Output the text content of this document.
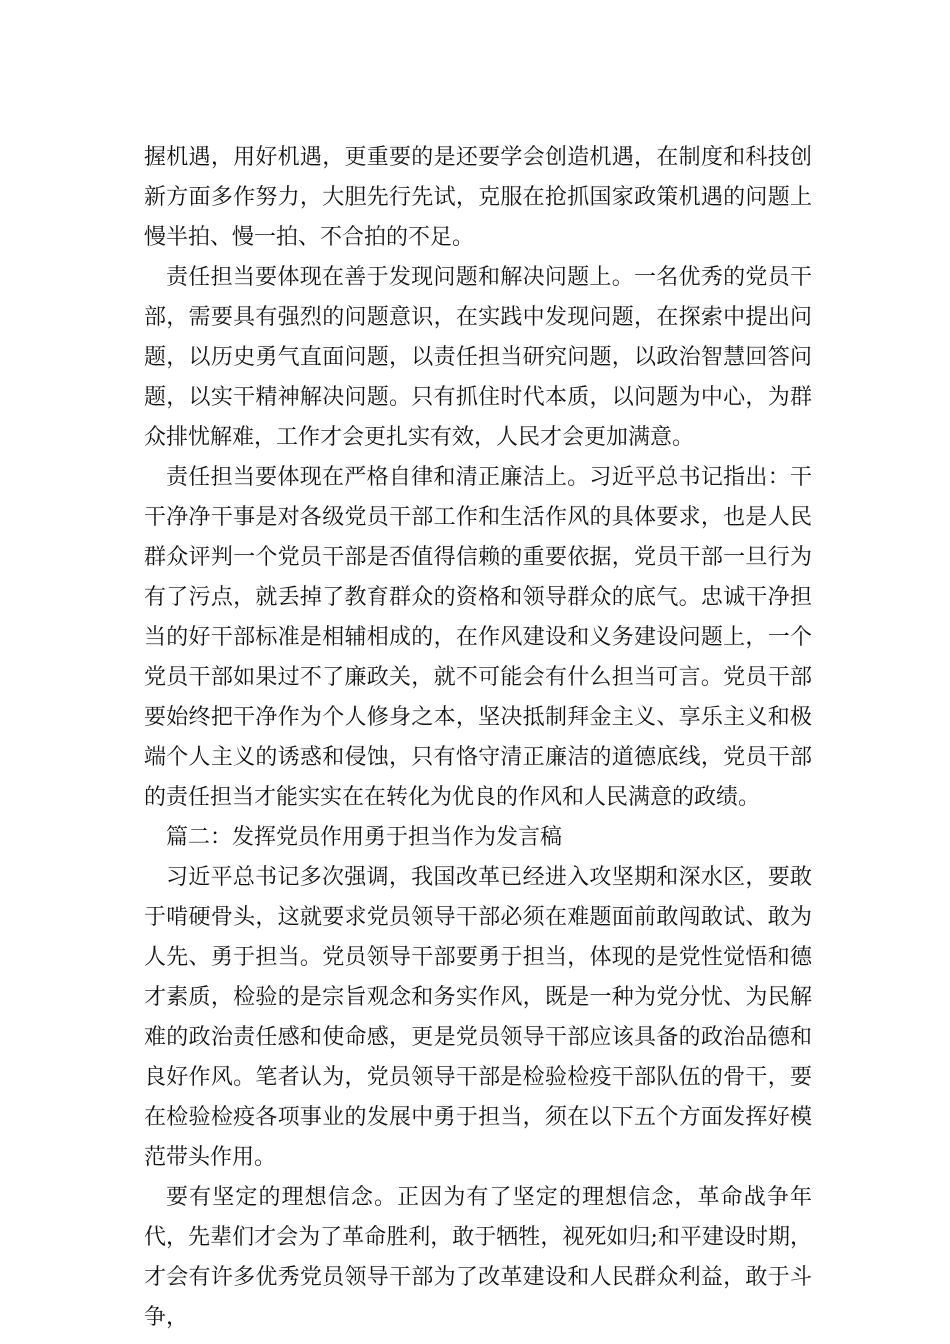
握机遇，用好机遇，更重要的是还要学会创造机遇，在制度和科技创新方面多作努力，大胆先行先试，克服在抢抓国家政策机遇的问题上慢半拍、慢一拍、不合拍的不足。

责任担当要体现在善于发现问题和解决问题上。一名优秀的党员干部，需要具有强烈的问题意识，在实践中发现问题，在探索中提出问题，以历史勇气直面问题，以责任担当研究问题，以政治智慧回答问题，以实干精神解决问题。只有抓住时代本质，以问题为中心，为群众排忧解难，工作才会更扎实有效，人民才会更加满意。

责任担当要体现在严格自律和清正廉洁上。习近平总书记指出：干干净净干事是对各级党员干部工作和生活作风的具体要求，也是人民群众评判一个党员干部是否值得信赖的重要依据，党员干部一旦行为有了污点，就丢掉了教育群众的资格和领导群众的底气。忠诚干净担当的好干部标准是相辅相成的，在作风建设和义务建设问题上，一个党员干部如果过不了廉政关，就不可能会有什么担当可言。党员干部要始终把干净作为个人修身之本，坚决抵制拜金主义、享乐主义和极端个人主义的诱惑和侵蚀，只有恪守清正廉洁的道德底线，党员干部的责任担当才能实实在在转化为优良的作风和人民满意的政绩。

篇二：发挥党员作用勇于担当作为发言稿

习近平总书记多次强调，我国改革已经进入攻坚期和深水区，要敢于啃硬骨头，这就要求党员领导干部必须在难题面前敢闯敢试、敢为人先、勇于担当。党员领导干部要勇于担当，体现的是党性觉悟和德才素质，检验的是宗旨观念和务实作风，既是一种为党分忧、为民解难的政治责任感和使命感，更是党员领导干部应该具备的政治品德和良好作风。笔者认为，党员领导干部是检验检疫干部队伍的骨干，要在检验检疫各项事业的发展中勇于担当，须在以下五个方面发挥好模范带头作用。

要有坚定的理想信念。正因为有了坚定的理想信念，革命战争年代，先辈们才会为了革命胜利，敢于牺牲，视死如归;和平建设时期，才会有许多优秀党员领导干部为了改革建设和人民群众利益，敢于斗争，
